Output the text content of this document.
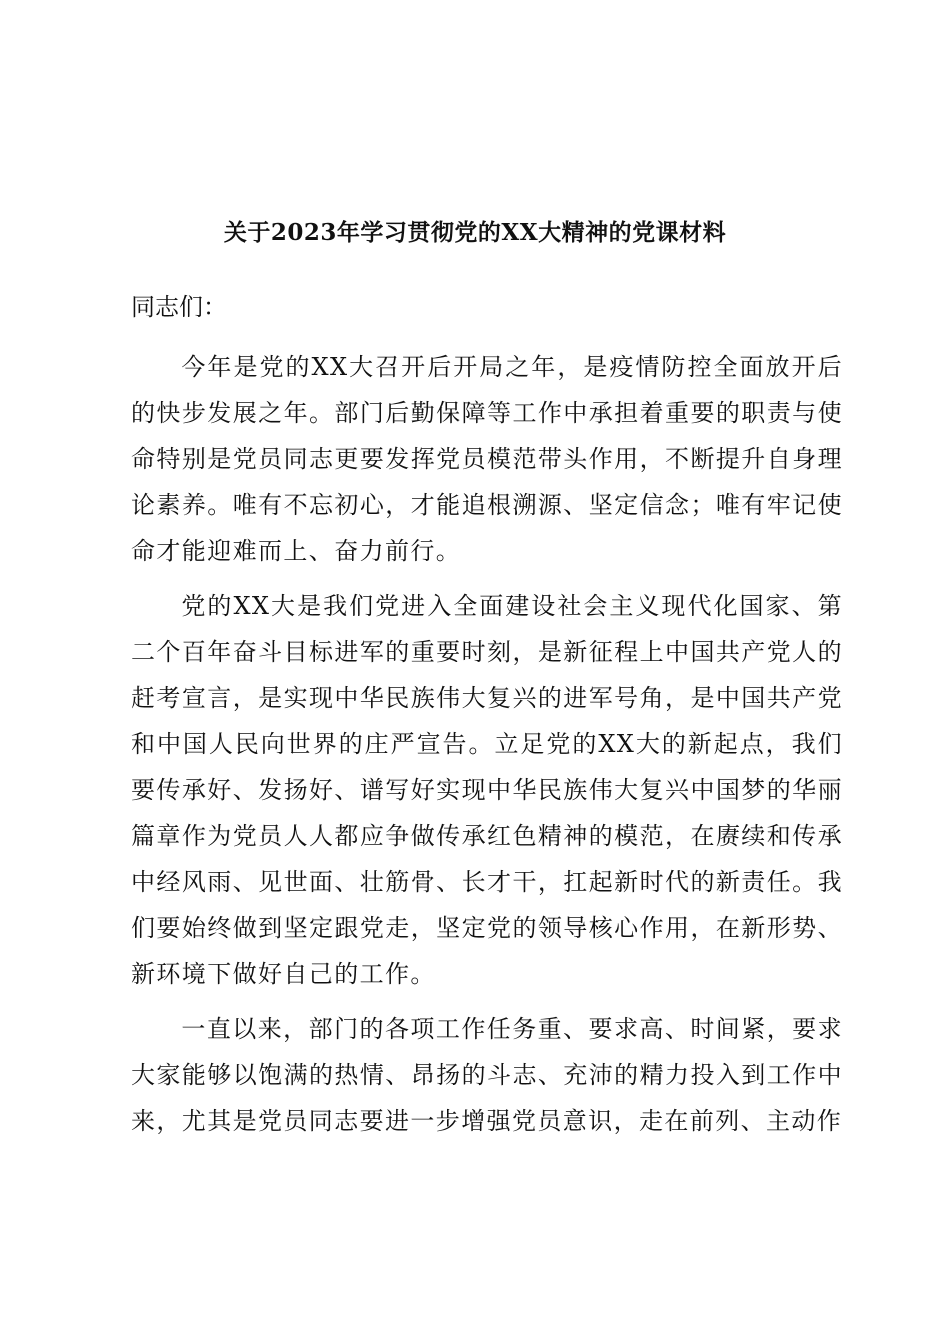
关于2023年学习贯彻党的XX大精神的党课材料

同志们：

今年是党的XX大召开后开局之年，是疫情防控全面放开后的快步发展之年。部门后勤保障等工作中承担着重要的职责与使命特别是党员同志更要发挥党员模范带头作用，不断提升自身理论素养。唯有不忘初心，才能追根溯源、坚定信念；唯有牢记使命才能迎难而上、奋力前行。

党的XX大是我们党进入全面建设社会主义现代化国家、第二个百年奋斗目标进军的重要时刻，是新征程上中国共产党人的赶考宣言，是实现中华民族伟大复兴的进军号角，是中国共产党和中国人民向世界的庄严宣告。立足党的XX大的新起点，我们要传承好、发扬好、谱写好实现中华民族伟大复兴中国梦的华丽篇章作为党员人人都应争做传承红色精神的模范，在赓续和传承中经风雨、见世面、壮筋骨、长才干，扛起新时代的新责任。我们要始终做到坚定跟党走，坚定党的领导核心作用，在新形势、新环境下做好自己的工作。

一直以来，部门的各项工作任务重、要求高、时间紧，要求大家能够以饱满的热情、昂扬的斗志、充沛的精力投入到工作中来，尤其是党员同志要进一步增强党员意识，走在前列、主动作
